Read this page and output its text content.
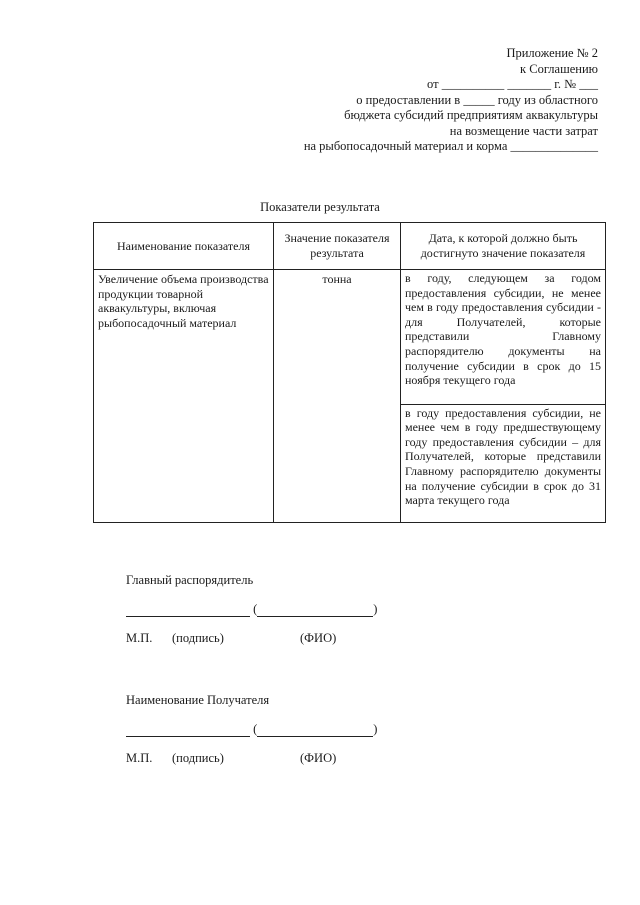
Приложение № 2
к Соглашению
от __________ _______ г. № ___
о предоставлении в _____ году из областного
бюджета субсидий предприятиям аквакультуры
на возмещение части затрат
на рыбопосадочный материал и корма ______________
Показатели результата
Наименование показателя	Значение показателя результата	Дата, к которой должно быть достигнуто значение показателя
Увеличение объема производства продукции товарной аквакультуры, включая рыбопосадочный материал	тонна	в году, следующем за годом предоставления субсидии, не менее чем в году предоставления субсидии - для Получателей, которые представили Главному распорядителю документы на получение субсидии в срок до 15 ноября текущего года
		в году предоставления субсидии, не менее чем в году предшествующему году предоставления субсидии – для Получателей, которые представили Главному распорядителю документы на получение субсидии в срок до 31 марта текущего года
Главный распорядитель
(	)
М.П. (подпись)	(ФИО)
Наименование Получателя
(	)
М.П. (подпись)	(ФИО)
